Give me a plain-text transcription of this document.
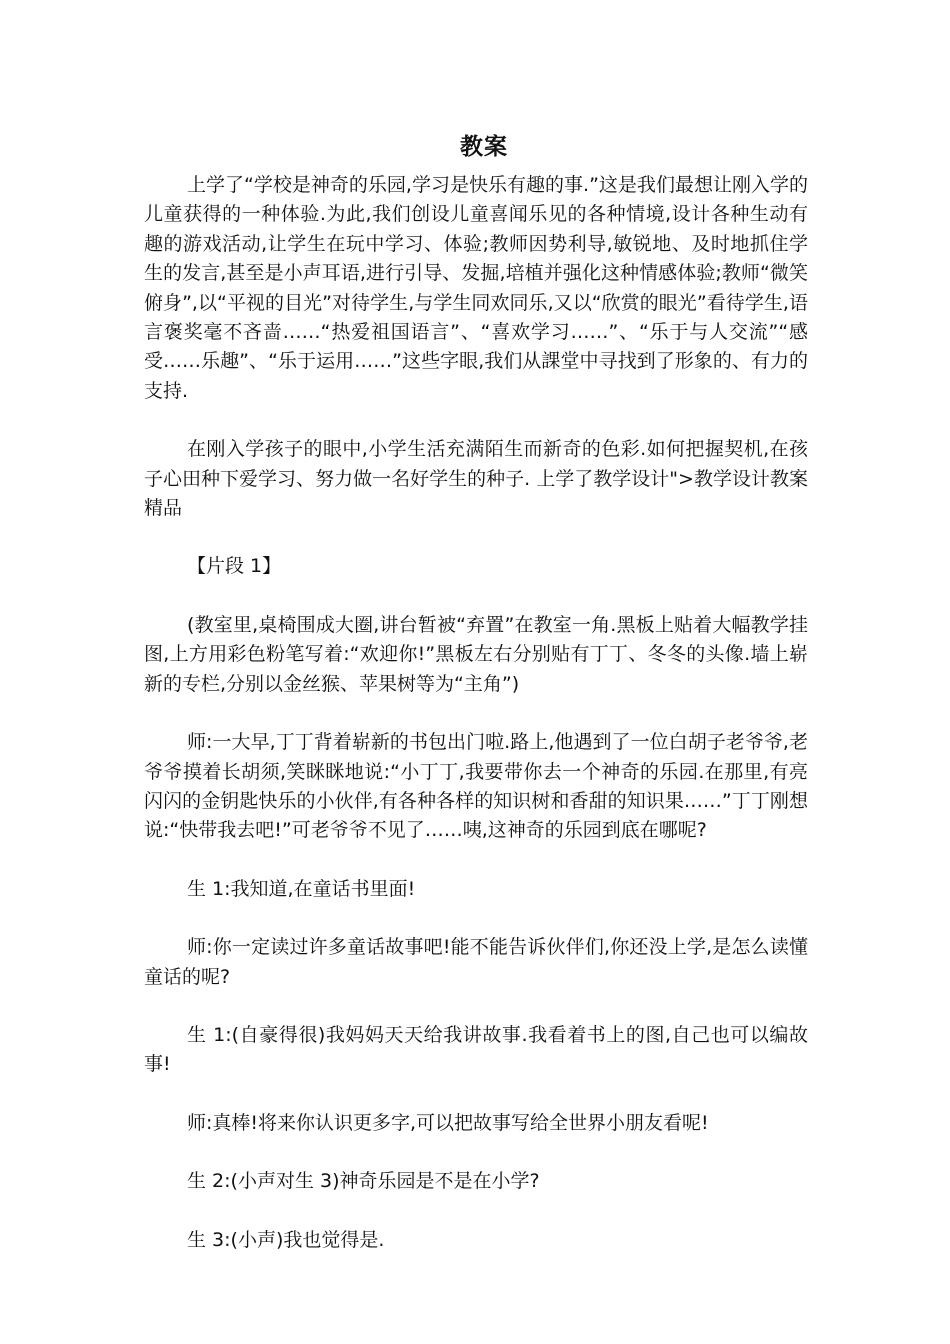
教案

上学了“学校是神奇的乐园,学习是快乐有趣的事.”这是我们最想让刚入学的儿童获得的一种体验.为此,我们创设儿童喜闻乐见的各种情境,设计各种生动有趣的游戏活动,让学生在玩中学习、体验;教师因势利导,敏锐地、及时地抓住学生的发言,甚至是小声耳语,进行引导、发掘,培植并强化这种情感体验;教师“微笑俯身”,以“平视的目光”对待学生,与学生同欢同乐,又以“欣赏的眼光”看待学生,语言褒奖毫不吝啬……“热爱祖国语言”、“喜欢学习……”、“乐于与人交流”“感受……乐趣”、“乐于运用……”这些字眼,我们从課堂中寻找到了形象的、有力的支持.

在刚入学孩子的眼中,小学生活充满陌生而新奇的色彩.如何把握契机,在孩子心田种下爱学习、努力做一名好学生的种子. 上学了教学设计">教学设计教案精品

【片段 1】

(教室里,桌椅围成大圈,讲台暂被“弃置”在教室一角.黑板上贴着大幅教学挂图,上方用彩色粉笔写着:“欢迎你!”黑板左右分别贴有丁丁、冬冬的头像.墙上崭新的专栏,分别以金丝猴、苹果树等为“主角”)

师:一大早,丁丁背着崭新的书包出门啦.路上,他遇到了一位白胡子老爷爷,老爷爷摸着长胡须,笑眯眯地说:“小丁丁,我要带你去一个神奇的乐园.在那里,有亮闪闪的金钥匙快乐的小伙伴,有各种各样的知识树和香甜的知识果……”丁丁刚想说:“快带我去吧!”可老爷爷不见了……咦,这神奇的乐园到底在哪呢?

生 1:我知道,在童话书里面!

师:你一定读过许多童话故事吧!能不能告诉伙伴们,你还没上学,是怎么读懂童话的呢?

生 1:(自豪得很)我妈妈天天给我讲故事.我看着书上的图,自己也可以编故事!

师:真棒!将来你认识更多字,可以把故事写给全世界小朋友看呢!

生 2:(小声对生 3)神奇乐园是不是在小学?

生 3:(小声)我也觉得是.
